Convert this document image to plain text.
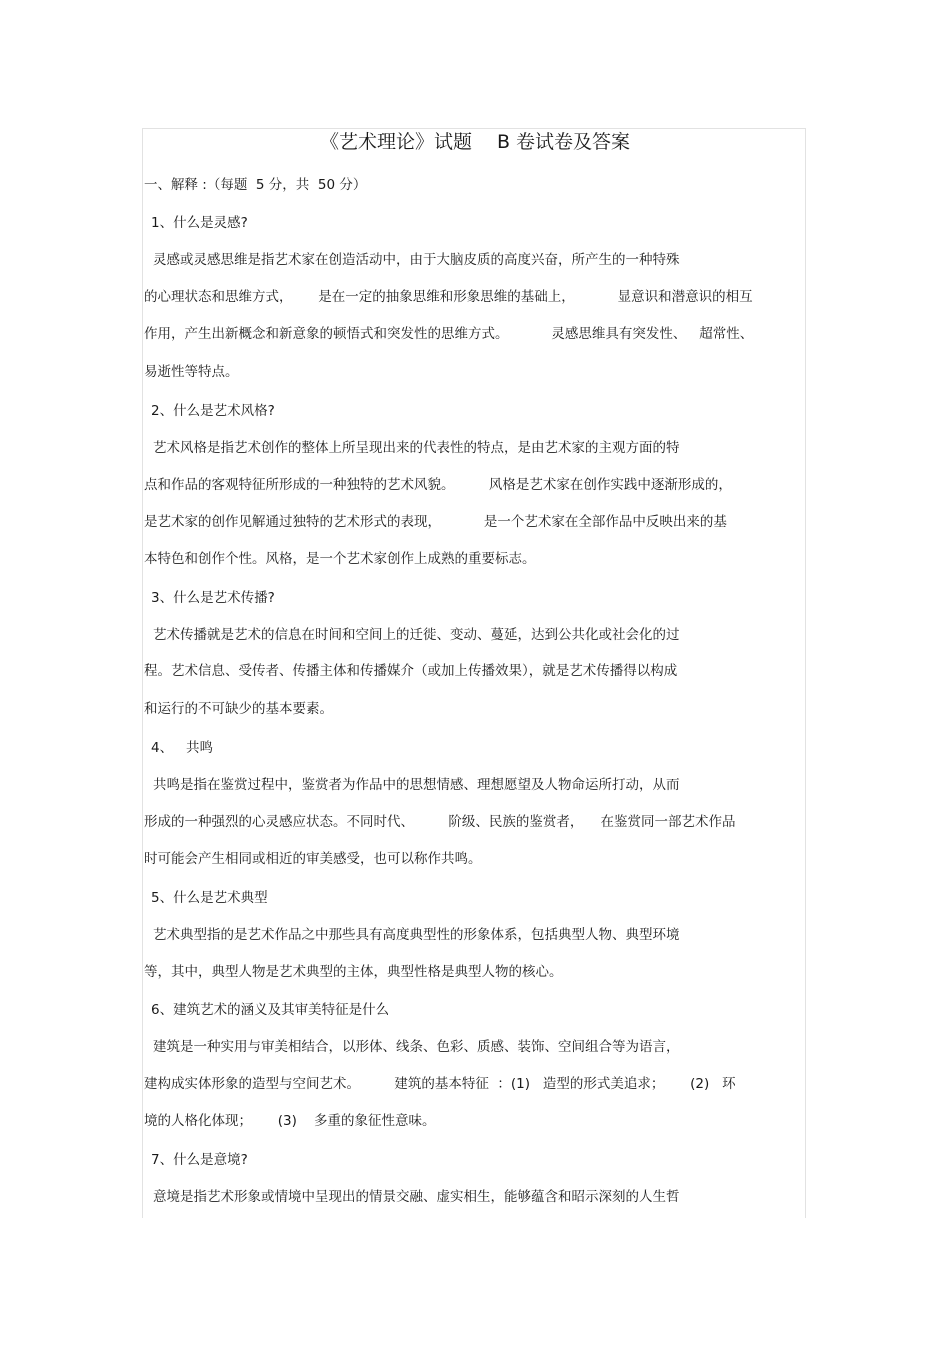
《艺术理论》试题　 B 卷试卷及答案
一、解释 :（每题  5 分，共  50 分）
1、什么是灵感?
灵感或灵感思维是指艺术家在创造活动中，由于大脑皮质的高度兴奋，所产生的一种特殊
的心理状态和思维方式，      是在一定的抽象思维和形象思维的基础上，          显意识和潜意识的相互
作用，产生出新概念和新意象的顿悟式和突发性的思维方式。          灵感思维具有突发性、   超常性、
易逝性等特点。
2、什么是艺术风格?
艺术风格是指艺术创作的整体上所呈现出来的代表性的特点，是由艺术家的主观方面的特
点和作品的客观特征所形成的一种独特的艺术风貌。        风格是艺术家在创作实践中逐渐形成的，
是艺术家的创作见解通过独特的艺术形式的表现，          是一个艺术家在全部作品中反映出来的基
本特色和创作个性。风格，是一个艺术家创作上成熟的重要标志。
3、什么是艺术传播?
艺术传播就是艺术的信息在时间和空间上的迁徙、变动、蔓延，达到公共化或社会化的过
程。艺术信息、受传者、传播主体和传播媒介（或加上传播效果），就是艺术传播得以构成
和运行的不可缺少的基本要素。
4、   共鸣
共鸣是指在鉴赏过程中，鉴赏者为作品中的思想情感、理想愿望及人物命运所打动，从而
形成的一种强烈的心灵感应状态。不同时代、        阶级、民族的鉴赏者，    在鉴赏同一部艺术作品
时可能会产生相同或相近的审美感受，也可以称作共鸣。
5、什么是艺术典型
艺术典型指的是艺术作品之中那些具有高度典型性的形象体系，包括典型人物、典型环境
等，其中，典型人物是艺术典型的主体，典型性格是典型人物的核心。
6、建筑艺术的涵义及其审美特征是什么
建筑是一种实用与审美相结合，以形体、线条、色彩、质感、装饰、空间组合等为语言，
建构成实体形象的造型与空间艺术。        建筑的基本特征  ：(1)   造型的形式美追求；      (2)   环
境的人格化体现；      (3)    多重的象征性意味。
7、什么是意境?
意境是指艺术形象或情境中呈现出的情景交融、虚实相生，能够蕴含和昭示深刻的人生哲
